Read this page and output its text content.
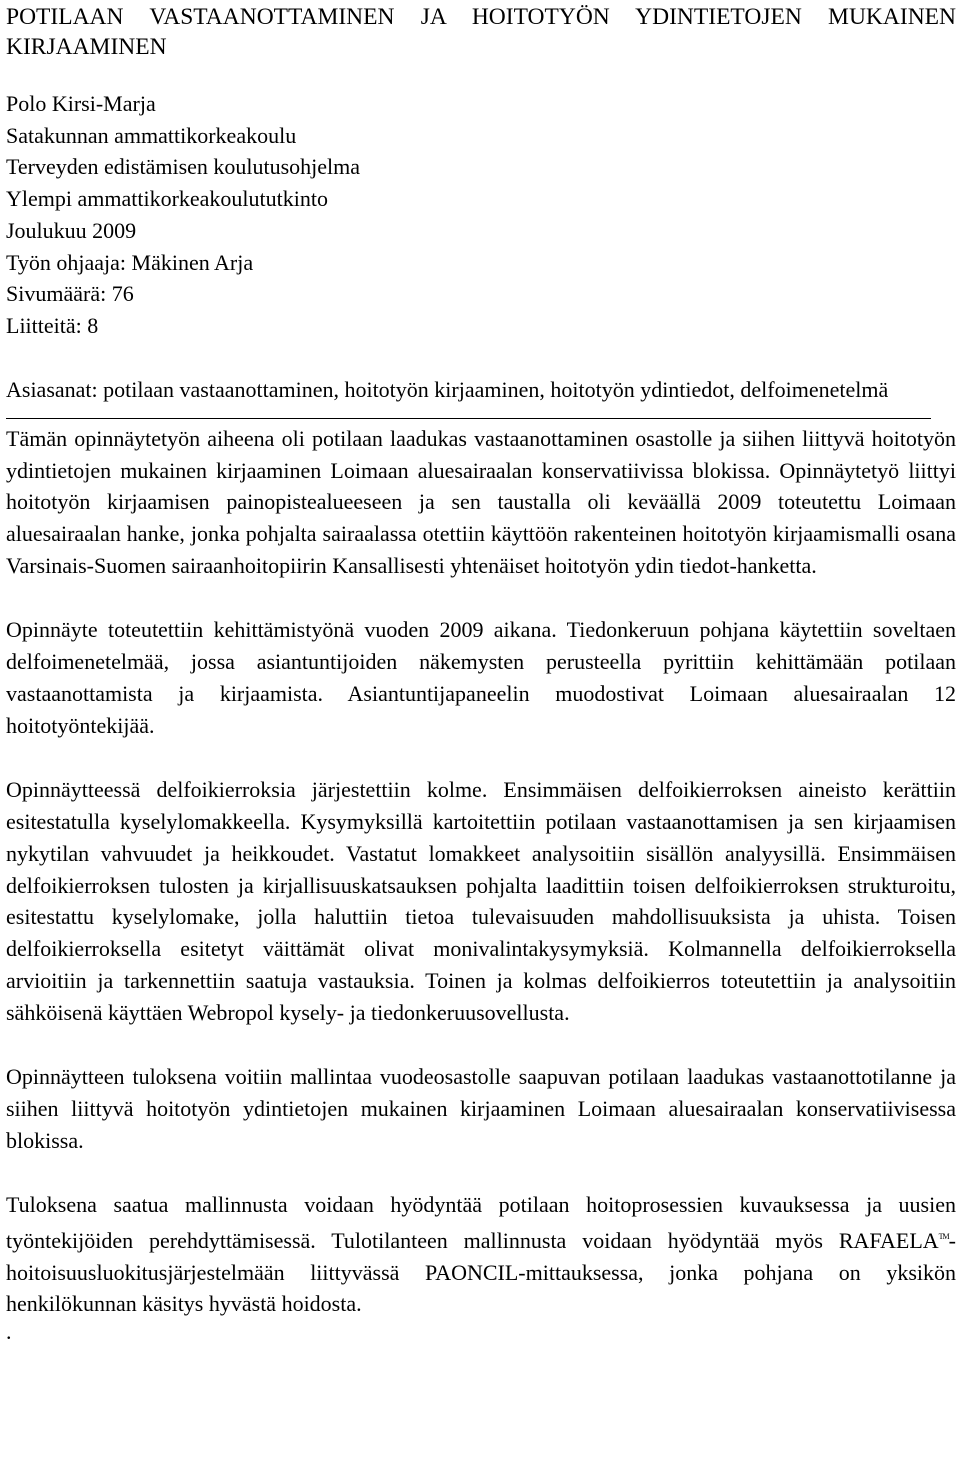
POTILAAN VASTAANOTTAMINEN JA HOITOTYÖN YDINTIETOJEN MUKAINEN KIRJAAMINEN
Polo Kirsi-Marja
Satakunnan ammattikorkeakoulu
Terveyden edistämisen koulutusohjelma
Ylempi ammattikorkeakoulututkinto
Joulukuu 2009
Työn ohjaaja: Mäkinen Arja
Sivumäärä: 76
Liitteitä: 8
Asiasanat: potilaan vastaanottaminen, hoitotyön kirjaaminen, hoitotyön ydintiedot, delfoimenetelmä

Tämän opinnäytetyön aiheena oli potilaan laadukas vastaanottaminen osastolle ja siihen liittyvä hoitotyön ydintietojen mukainen kirjaaminen Loimaan aluesairaalan konservatiivissa blokissa. Opinnäytetyö liittyi hoitotyön kirjaamisen painopistealueeseen ja sen taustalla oli keväällä 2009 toteutettu Loimaan aluesairaalan hanke, jonka pohjalta sairaalassa otettiin käyttöön rakenteinen hoitotyön kirjaamismalli osana Varsinais-Suomen sairaanhoitopiirin Kansallisesti yhtenäiset hoitotyön ydin tiedot-hanketta.

Opinnäyte toteutettiin kehittämistyönä vuoden 2009 aikana. Tiedonkeruun pohjana käytettiin soveltaen delfoimenetelmää, jossa asiantuntijoiden näkemysten perusteella pyrittiin kehittämään potilaan vastaanottamista ja kirjaamista. Asiantuntijapaneelin muodostivat Loimaan aluesairaalan 12 hoitotyöntekijää.

Opinnäytteessä delfoikierroksia järjestettiin kolme. Ensimmäisen delfoikierroksen aineisto kerättiin esitestatulla kyselylomakkeella. Kysymyksillä kartoitettiin potilaan vastaanottamisen ja sen kirjaamisen nykytilan vahvuudet ja heikkoudet. Vastatut lomakkeet analysoitiin sisällön analyysillä. Ensimmäisen delfoikierroksen tulosten ja kirjallisuuskatsauksen pohjalta laadittiin toisen delfoikierroksen strukturoitu, esitestattu kyselylomake, jolla haluttiin tietoa tulevaisuuden mahdollisuuksista ja uhista. Toisen delfoikierroksella esitetyt väittämät olivat monivalintakysymyksiä. Kolmannella delfoikierroksella arvioitiin ja tarkennettiin saatuja vastauksia. Toinen ja kolmas delfoikierros toteutettiin ja analysoitiin sähköisenä käyttäen Webropol kysely- ja tiedonkeruusovellusta.

Opinnäytteen tuloksena voitiin mallintaa vuodeosastolle saapuvan potilaan laadukas vastaanottotilanne ja siihen liittyvä hoitotyön ydintietojen mukainen kirjaaminen Loimaan aluesairaalan konservatiivisessa blokissa.

Tuloksena saatua mallinnusta voidaan hyödyntää potilaan hoitoprosessien kuvauksessa ja uusien työntekijöiden perehdyttämisessä. Tulotilanteen mallinnusta voidaan hyödyntää myös RAFAELA™-hoitoisuusluokitusjärjestelmään liittyvässä PAONCIL-mittauksessa, jonka pohjana on yksikön henkilökunnan käsitys hyvästä hoidosta.

.
